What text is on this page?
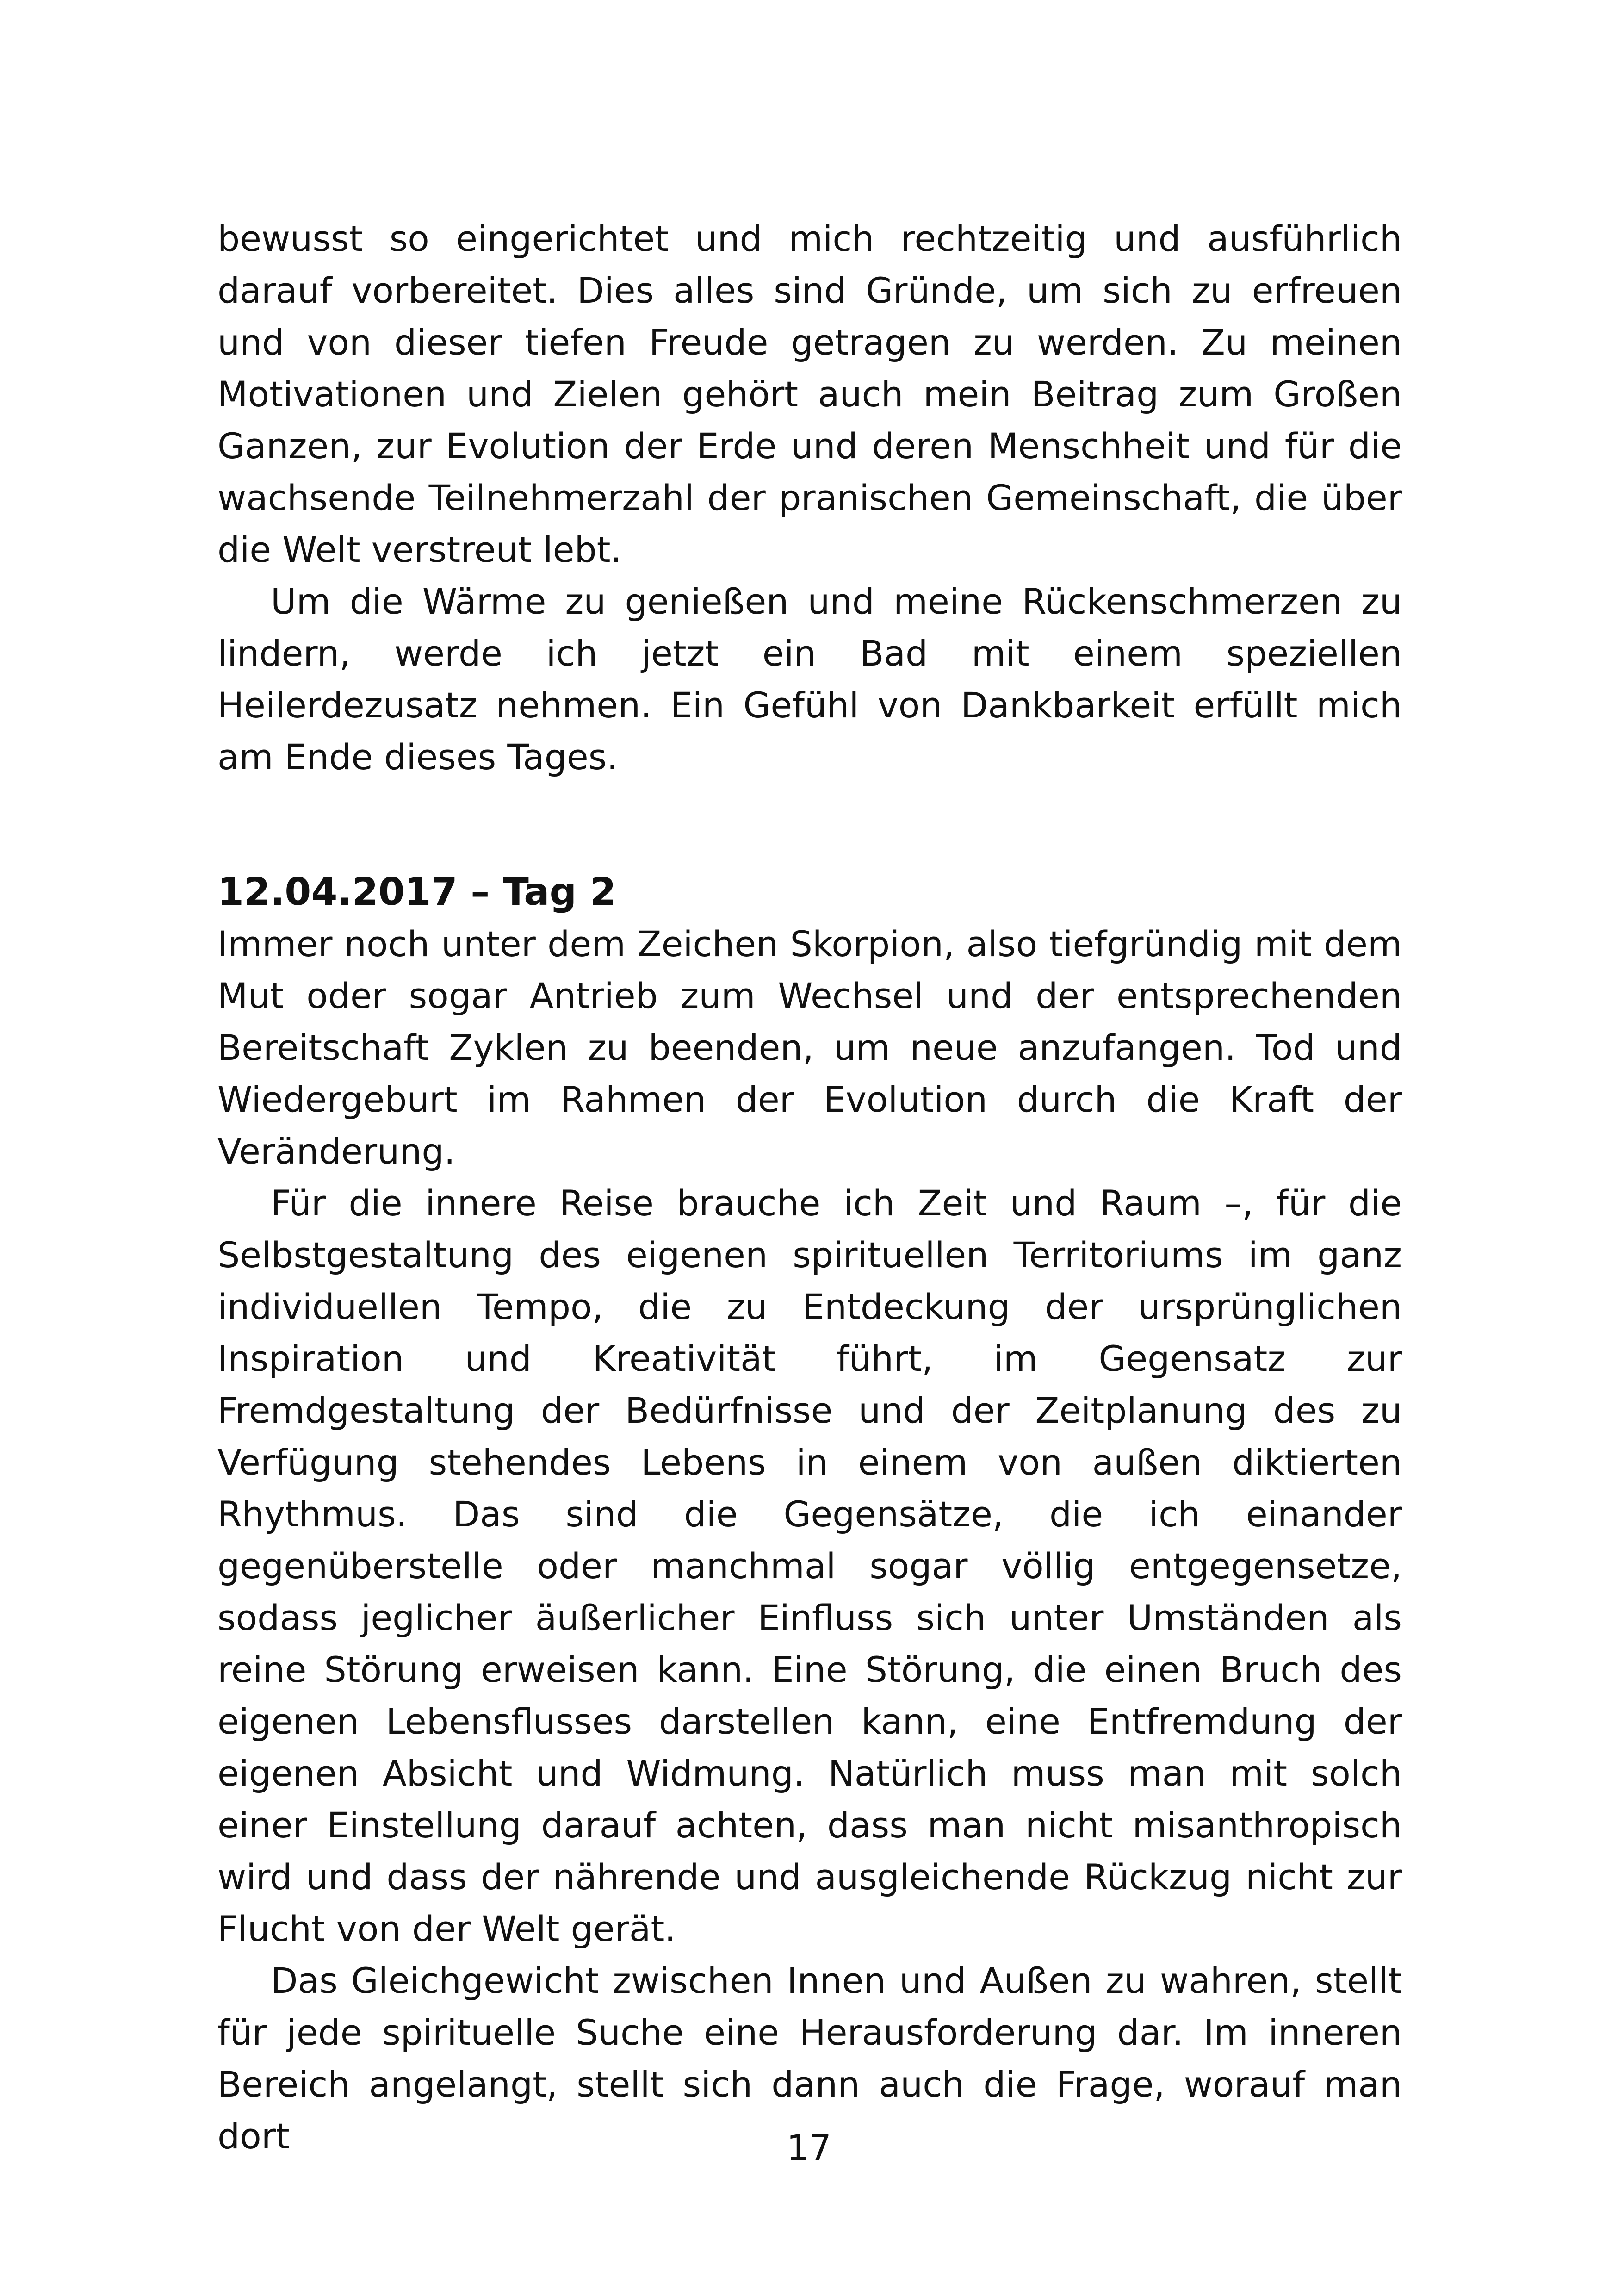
bewusst so eingerichtet und mich rechtzeitig und ausführlich darauf vorbereitet. Dies alles sind Gründe, um sich zu erfreuen und von dieser tiefen Freude getragen zu werden. Zu meinen Motivationen und Zielen gehört auch mein Beitrag zum Großen Ganzen, zur Evolution der Erde und deren Menschheit und für die wachsende Teilnehmerzahl der pranischen Gemeinschaft, die über die Welt verstreut lebt.

Um die Wärme zu genießen und meine Rückenschmerzen zu lindern, werde ich jetzt ein Bad mit einem speziellen Heilerdezusatz nehmen. Ein Gefühl von Dankbarkeit erfüllt mich am Ende dieses Tages.

12.04.2017 – Tag 2

Immer noch unter dem Zeichen Skorpion, also tiefgründig mit dem Mut oder sogar Antrieb zum Wechsel und der entsprechenden Bereitschaft Zyklen zu beenden, um neue anzufangen. Tod und Wiedergeburt im Rahmen der Evolution durch die Kraft der Veränderung.

Für die innere Reise brauche ich Zeit und Raum –, für die Selbstgestaltung des eigenen spirituellen Territoriums im ganz individuellen Tempo, die zu Entdeckung der ursprünglichen Inspiration und Kreativität führt, im Gegensatz zur Fremdgestaltung der Bedürfnisse und der Zeitplanung des zu Verfügung stehendes Lebens in einem von außen diktierten Rhythmus. Das sind die Gegensätze, die ich einander gegenüberstelle oder manchmal sogar völlig entgegensetze, sodass jeglicher äußerlicher Einfluss sich unter Umständen als reine Störung erweisen kann. Eine Störung, die einen Bruch des eigenen Lebensflusses darstellen kann, eine Entfremdung der eigenen Absicht und Widmung. Natürlich muss man mit solch einer Einstellung darauf achten, dass man nicht misanthropisch wird und dass der nährende und ausgleichende Rückzug nicht zur Flucht von der Welt gerät.

Das Gleichgewicht zwischen Innen und Außen zu wahren, stellt für jede spirituelle Suche eine Herausforderung dar. Im inneren Bereich angelangt, stellt sich dann auch die Frage, worauf man dort	17
